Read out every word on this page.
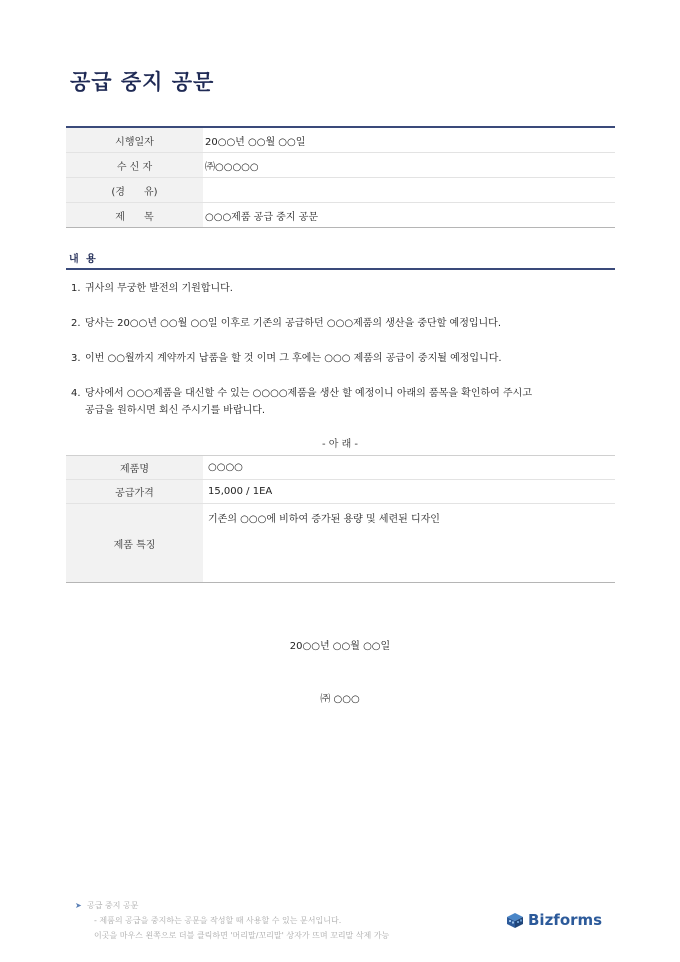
공급 중지 공문
시행일자	20○○년 ○○월 ○○일
수 신 자	㈜○○○○○
(경      유)	
제      목	○○○제품 공급 중지 공문
내 용
1. 귀사의 무궁한 발전의 기원합니다.
2. 당사는 20○○년 ○○월 ○○일 이후로 기존의 공급하던 ○○○제품의 생산을 중단할 예정입니다.
3. 이번 ○○월까지 계약까지 납품을 할 것 이며 그 후에는 ○○○ 제품의 공급이 중지될 예정입니다.
4. 당사에서 ○○○제품을 대신할 수 있는 ○○○○제품을 생산 할 예정이니 아래의 품목을 확인하여 주시고
공급을 원하시면 회신 주시기를 바랍니다.
- 아 래 -
제품명	○○○○
공급가격	15,000 / 1EA
제품 특징	기존의 ○○○에 비하여 증가된 용량 및 세련된 디자인
20○○년 ○○월 ○○일
㈜ ○○○
➤ 공급 중지 공문
- 제품의 공급을 중지하는 공문을 작성할 때 사용할 수 있는 문서입니다.
이곳을 마우스 왼쪽으로 더블 클릭하면 '머리말/꼬리말' 상자가 뜨며 꼬리말 삭제 가능
Bizforms
